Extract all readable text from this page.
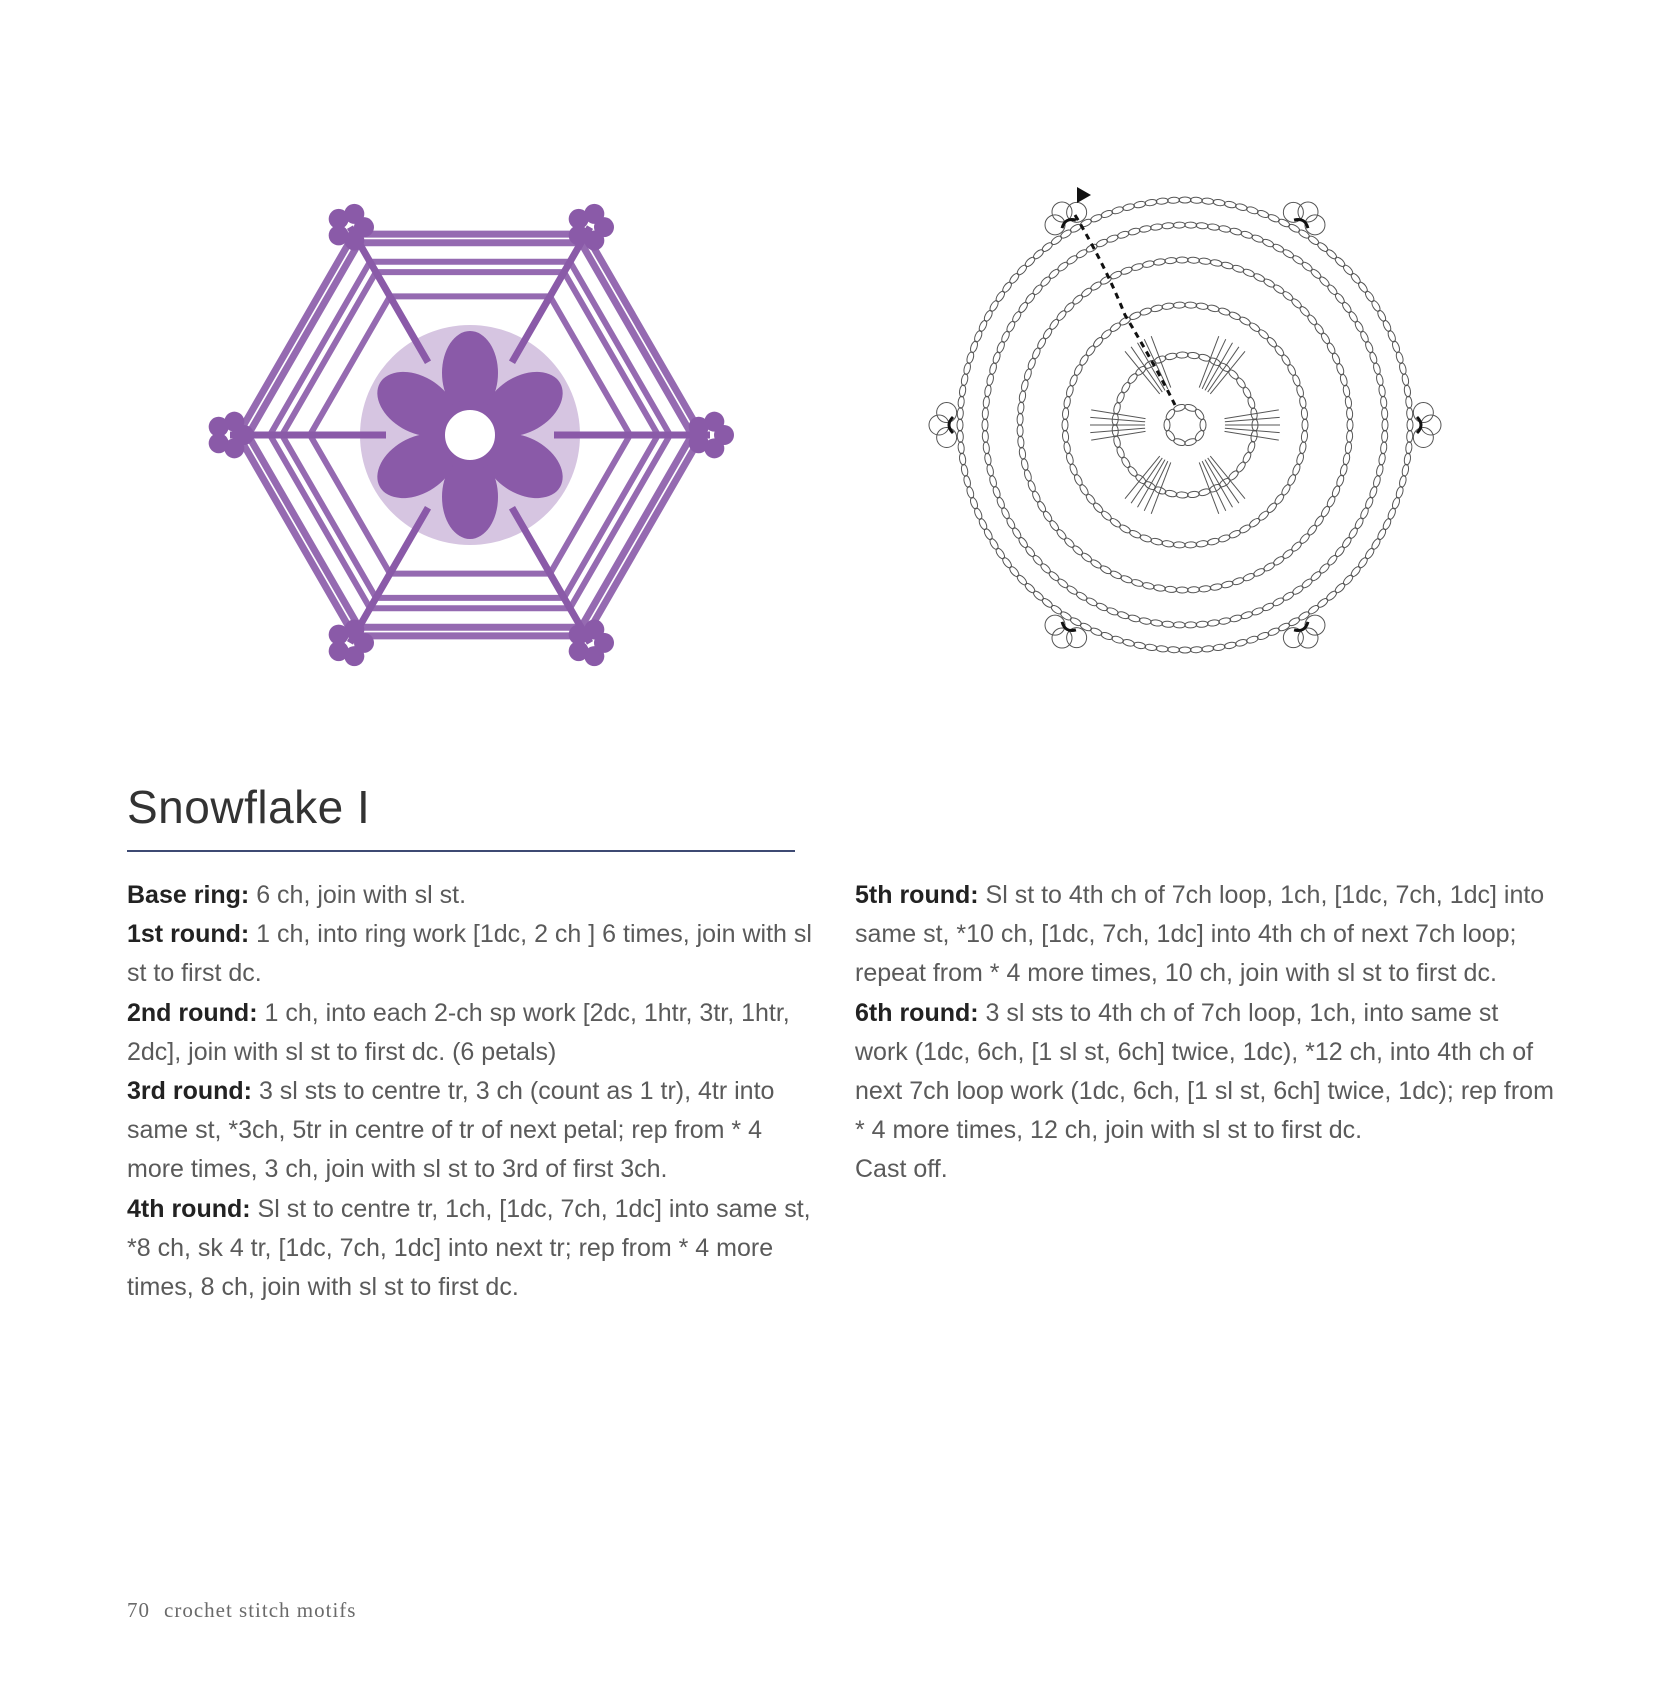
Snowflake I

Base ring: 6 ch, join with sl st.

1st round: 1 ch, into ring work [1dc, 2 ch ] 6 times, join with sl st to first dc.

2nd round: 1 ch, into each 2-ch sp work [2dc, 1htr, 3tr, 1htr, 2dc], join with sl st to first dc. (6 petals)

3rd round: 3 sl sts to centre tr, 3 ch (count as 1 tr), 4tr into same st, *3ch, 5tr in centre of tr of next petal; rep from * 4 more times, 3 ch, join with sl st to 3rd of first 3ch.

4th round: Sl st to centre tr, 1ch, [1dc, 7ch, 1dc] into same st, *8 ch, sk 4 tr, [1dc, 7ch, 1dc] into next tr; rep from * 4 more times, 8 ch, join with sl st to first dc.

5th round: Sl st to 4th ch of 7ch loop, 1ch, [1dc, 7ch, 1dc] into same st, *10 ch, [1dc, 7ch, 1dc] into 4th ch of next 7ch loop; repeat from * 4 more times, 10 ch, join with sl st to first dc.

6th round: 3 sl sts to 4th ch of 7ch loop, 1ch, into same st work (1dc, 6ch, [1 sl st, 6ch] twice, 1dc), *12 ch, into 4th ch of next 7ch loop work (1dc, 6ch, [1 sl st, 6ch] twice, 1dc); rep from * 4 more times, 12 ch, join with sl st to first dc.

Cast off.

70 crochet stitch motifs
